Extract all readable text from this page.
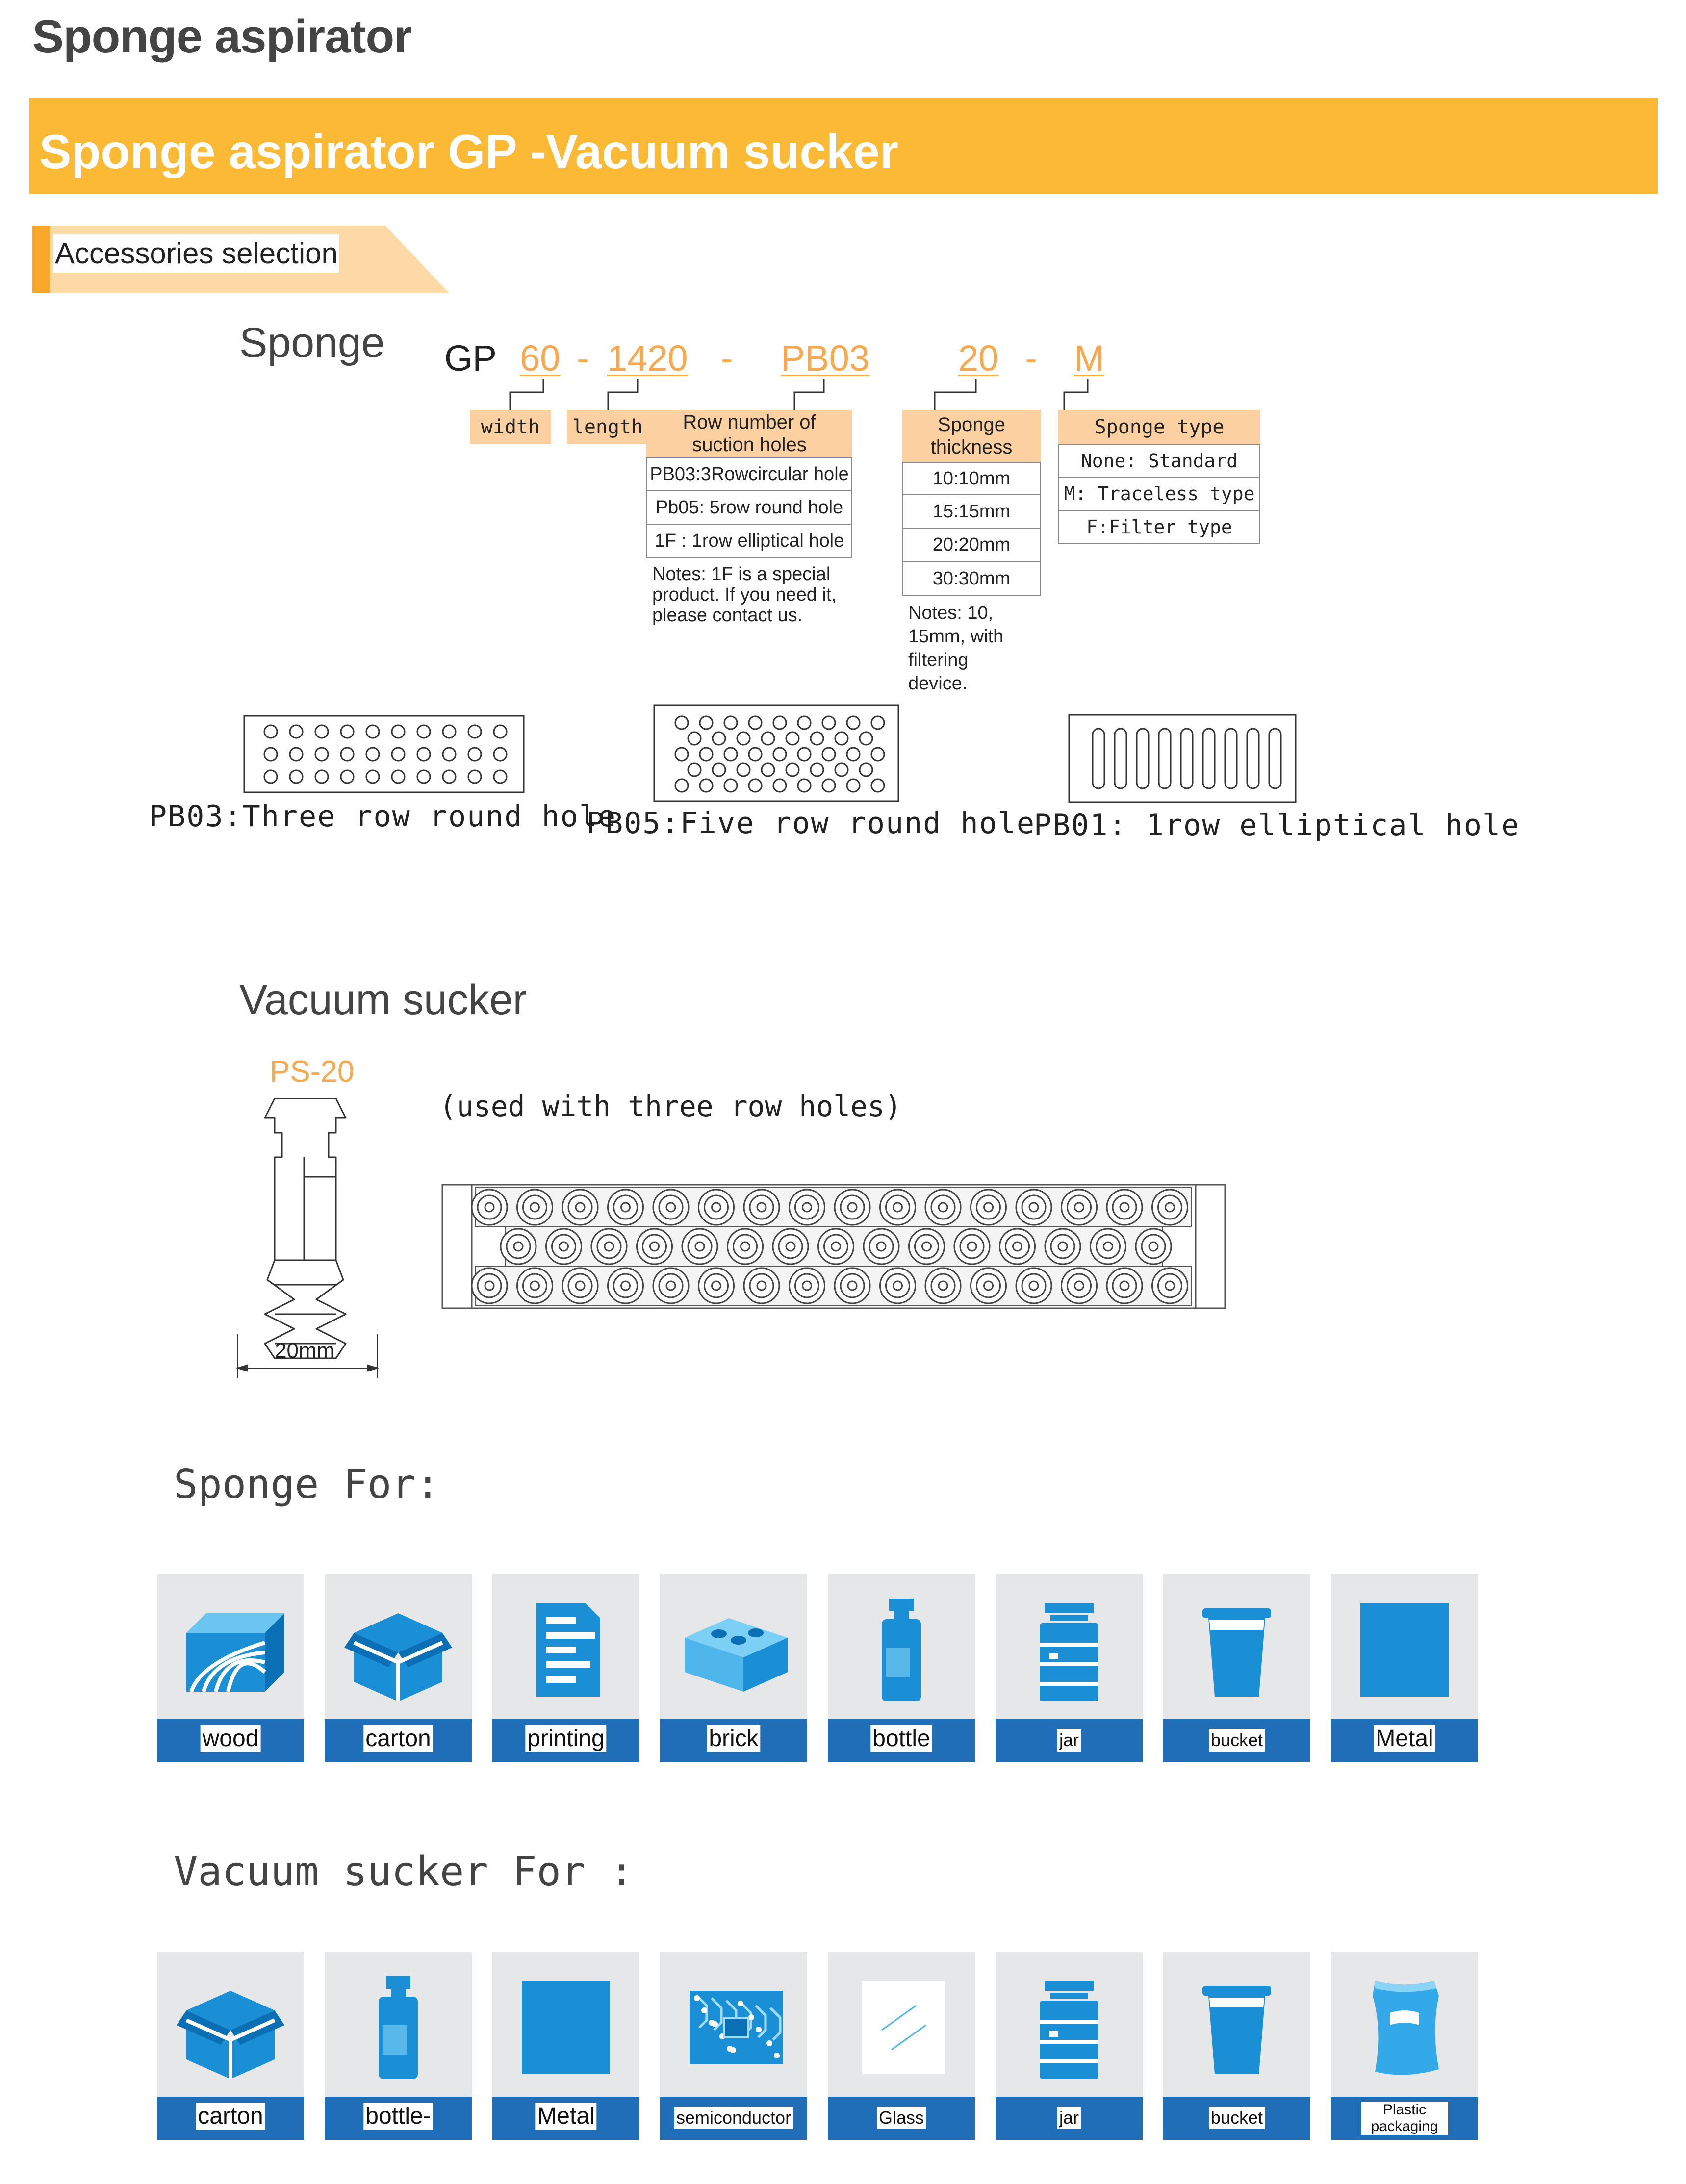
Sponge aspirator
Sponge aspirator GP -Vacuum sucker
Accessories selection
Sponge GP 60 - 1420 - PB03 20 - M
width	length	Row number of suction holes
PB03:3Rowcircular hole
Pb05: 5row round hole
1F : 1row elliptical hole
Notes: 1F is a special product. If you need it, please contact us.
Sponge thickness
10:10mm
15:15mm
20:20mm
30:30mm
Notes: 10, 15mm, with filtering device.
Sponge type
None: Standard
M: Traceless type
F:Filter type
PB03:Three row round hole
PB05:Five row round hole
PB01: 1row elliptical hole
Vacuum sucker
PS-20
(used with three row holes)
20mm
Sponge For:
wood	carton	printing	brick	bottle	jar	bucket	Metal
Vacuum sucker For :
carton	bottle-	Metal	semiconductor	Glass	jar	bucket	Plastic packaging
